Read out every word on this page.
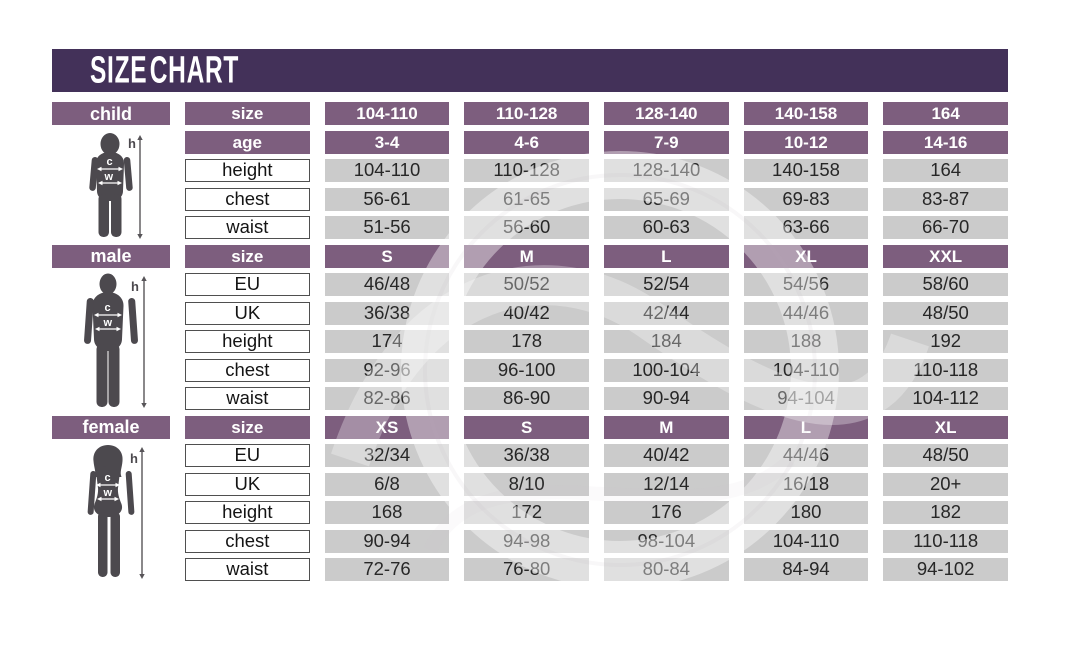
SIZE CHART
child
male
female
h
c
w
h
c
w
h
c
w
size	104-110	110-128	128-140	140-158	164
age	3-4	4-6	7-9	10-12	14-16
height	104-110	110-128	128-140	140-158	164
chest	56-61	61-65	65-69	69-83	83-87
waist	51-56	56-60	60-63	63-66	66-70
size	S	M	L	XL	XXL
EU	46/48	50/52	52/54	54/56	58/60
UK	36/38	40/42	42/44	44/46	48/50
height	174	178	184	188	192
chest	92-96	96-100	100-104	104-110	110-118
waist	82-86	86-90	90-94	94-104	104-112
size	XS	S	M	L	XL
EU	32/34	36/38	40/42	44/46	48/50
UK	6/8	8/10	12/14	16/18	20+
height	168	172	176	180	182
chest	90-94	94-98	98-104	104-110	110-118
waist	72-76	76-80	80-84	84-94	94-102
